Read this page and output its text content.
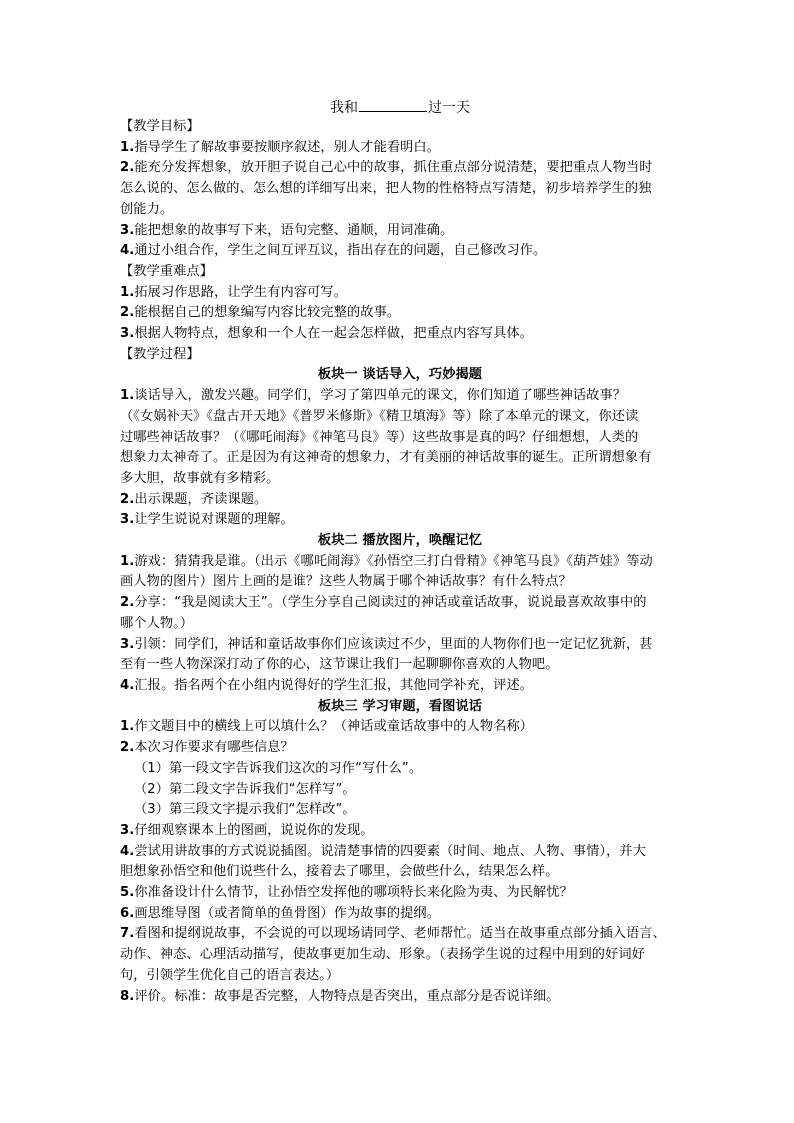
我和	过一天
【教学目标】
1.指导学生了解故事要按顺序叙述，别人才能看明白。
2.能充分发挥想象，放开胆子说自己心中的故事，抓住重点部分说清楚，要把重点人物当时
怎么说的、怎么做的、怎么想的详细写出来，把人物的性格特点写清楚，初步培养学生的独
创能力。
3.能把想象的故事写下来，语句完整、通顺，用词准确。
4.通过小组合作，学生之间互评互议，指出存在的问题，自己修改习作。
【教学重难点】
1.拓展习作思路，让学生有内容可写。
2.能根据自己的想象编写内容比较完整的故事。
3.根据人物特点，想象和一个人在一起会怎样做，把重点内容写具体。
【教学过程】
板块一 谈话导入，巧妙揭题
1.谈话导入，激发兴趣。同学们，学习了第四单元的课文，你们知道了哪些神话故事？
（《女娲补天》《盘古开天地》《普罗米修斯》《精卫填海》等）除了本单元的课文，你还读
过哪些神话故事？（《哪吒闹海》《神笔马良》等）这些故事是真的吗？仔细想想，人类的
想象力太神奇了。正是因为有这神奇的想象力，才有美丽的神话故事的诞生。正所谓想象有
多大胆，故事就有多精彩。
2.出示课题，齐读课题。
3.让学生说说对课题的理解。
板块二 播放图片，唤醒记忆
1.游戏：猜猜我是谁。（出示《哪吒闹海》《孙悟空三打白骨精》《神笔马良》《葫芦娃》等动
画人物的图片）图片上画的是谁？这些人物属于哪个神话故事？有什么特点？
2.分享：“我是阅读大王”。（学生分享自己阅读过的神话或童话故事，说说最喜欢故事中的
哪个人物。）
3.引领：同学们，神话和童话故事你们应该读过不少，里面的人物你们也一定记忆犹新，甚
至有一些人物深深打动了你的心，这节课让我们一起聊聊你喜欢的人物吧。
4.汇报。指名两个在小组内说得好的学生汇报，其他同学补充，评述。
板块三 学习审题，看图说话
1.作文题目中的横线上可以填什么？（神话或童话故事中的人物名称）
2.本次习作要求有哪些信息？
（1）第一段文字告诉我们这次的习作“写什么”。
（2）第二段文字告诉我们“怎样写”。
（3）第三段文字提示我们“怎样改”。
3.仔细观察课本上的图画，说说你的发现。
4.尝试用讲故事的方式说说插图。说清楚事情的四要素（时间、地点、人物、事情），并大
胆想象孙悟空和他们说些什么，接着去了哪里，会做些什么，结果怎么样。
5.你准备设计什么情节，让孙悟空发挥他的哪项特长来化险为夷、为民解忧？
6.画思维导图（或者简单的鱼骨图）作为故事的提纲。
7.看图和提纲说故事，不会说的可以现场请同学、老师帮忙。适当在故事重点部分插入语言、
动作、神态、心理活动描写，使故事更加生动、形象。（表扬学生说的过程中用到的好词好
句，引领学生优化自己的语言表达。）
8.评价。标准：故事是否完整，人物特点是否突出，重点部分是否说详细。
